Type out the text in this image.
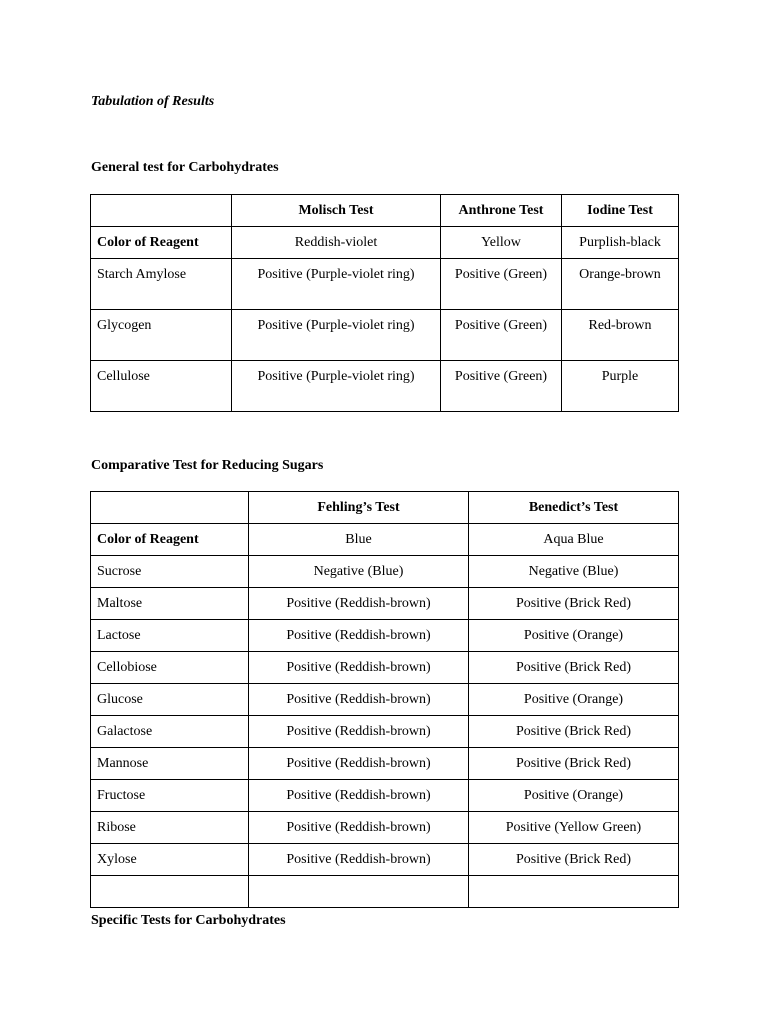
Tabulation of Results
General test for Carbohydrates
	Molisch Test	Anthrone Test	Iodine Test
Color of Reagent	Reddish-violet	Yellow	Purplish-black
Starch Amylose	Positive (Purple-violet ring)	Positive (Green)	Orange-brown
Glycogen	Positive (Purple-violet ring)	Positive (Green)	Red-brown
Cellulose	Positive (Purple-violet ring)	Positive (Green)	Purple
Comparative Test for Reducing Sugars
	Fehling’s Test	Benedict’s Test
Color of Reagent	Blue	Aqua Blue
Sucrose	Negative (Blue)	Negative (Blue)
Maltose	Positive (Reddish-brown)	Positive (Brick Red)
Lactose	Positive (Reddish-brown)	Positive (Orange)
Cellobiose	Positive (Reddish-brown)	Positive (Brick Red)
Glucose	Positive (Reddish-brown)	Positive (Orange)
Galactose	Positive (Reddish-brown)	Positive (Brick Red)
Mannose	Positive (Reddish-brown)	Positive (Brick Red)
Fructose	Positive (Reddish-brown)	Positive (Orange)
Ribose	Positive (Reddish-brown)	Positive (Yellow Green)
Xylose	Positive (Reddish-brown)	Positive (Brick Red)

Specific Tests for Carbohydrates
